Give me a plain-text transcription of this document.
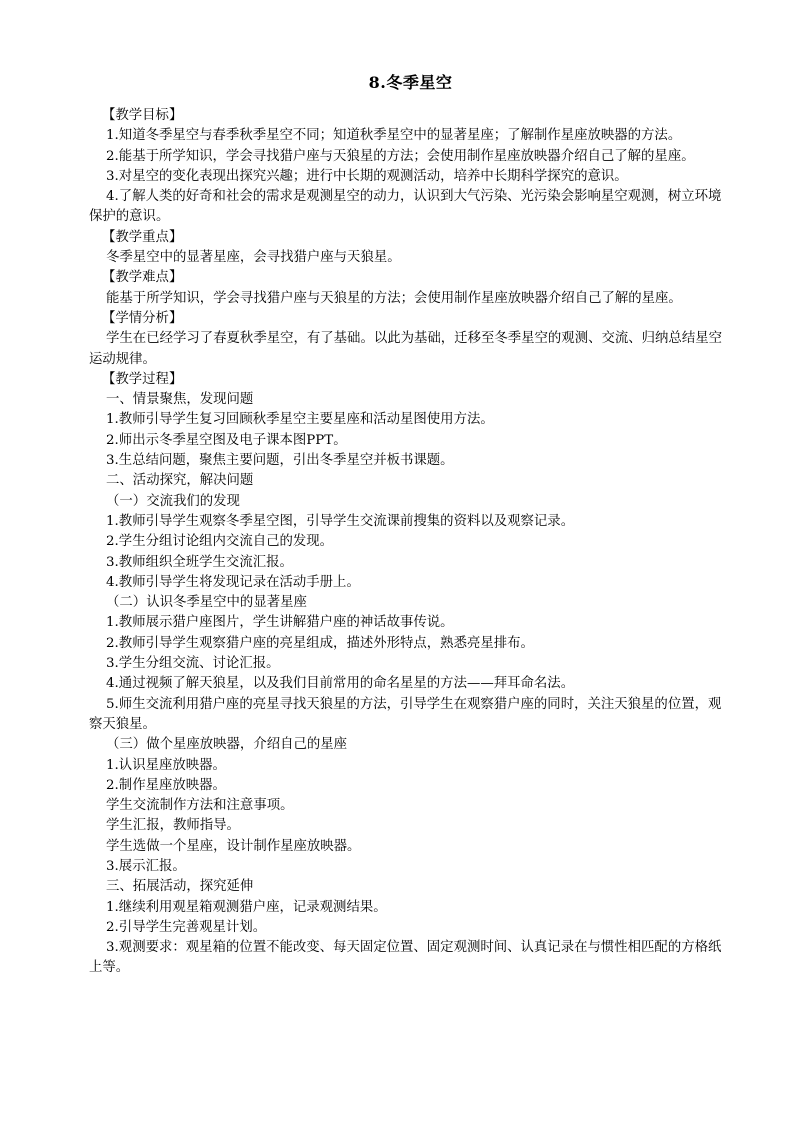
8.冬季星空

【教学目标】

1.知道冬季星空与春季秋季星空不同；知道秋季星空中的显著星座；了解制作星座放映器的方法。

2.能基于所学知识，学会寻找猎户座与天狼星的方法；会使用制作星座放映器介绍自己了解的星座。

3.对星空的变化表现出探究兴趣；进行中长期的观测活动，培养中长期科学探究的意识。

4.了解人类的好奇和社会的需求是观测星空的动力，认识到大气污染、光污染会影响星空观测，树立环境保护的意识。

【教学重点】

冬季星空中的显著星座，会寻找猎户座与天狼星。

【教学难点】

能基于所学知识，学会寻找猎户座与天狼星的方法；会使用制作星座放映器介绍自己了解的星座。

【学情分析】

学生在已经学习了春夏秋季星空，有了基础。以此为基础，迁移至冬季星空的观测、交流、归纳总结星空运动规律。

【教学过程】

一、情景聚焦，发现问题

1.教师引导学生复习回顾秋季星空主要星座和活动星图使用方法。

2.师出示冬季星空图及电子课本图PPT。

3.生总结问题，聚焦主要问题，引出冬季星空并板书课题。

二、活动探究，解决问题

（一）交流我们的发现

1.教师引导学生观察冬季星空图，引导学生交流课前搜集的资料以及观察记录。

2.学生分组讨论组内交流自己的发现。

3.教师组织全班学生交流汇报。

4.教师引导学生将发现记录在活动手册上。

（二）认识冬季星空中的显著星座

1.教师展示猎户座图片，学生讲解猎户座的神话故事传说。

2.教师引导学生观察猎户座的亮星组成，描述外形特点，熟悉亮星排布。

3.学生分组交流、讨论汇报。

4.通过视频了解天狼星，以及我们目前常用的命名星星的方法——拜耳命名法。

5.师生交流利用猎户座的亮星寻找天狼星的方法，引导学生在观察猎户座的同时，关注天狼星的位置，观察天狼星。

（三）做个星座放映器，介绍自己的星座

1.认识星座放映器。

2.制作星座放映器。

学生交流制作方法和注意事项。

学生汇报，教师指导。

学生选做一个星座，设计制作星座放映器。

3.展示汇报。

三、拓展活动，探究延伸

1.继续利用观星箱观测猎户座，记录观测结果。

2.引导学生完善观星计划。

3.观测要求：观星箱的位置不能改变、每天固定位置、固定观测时间、认真记录在与惯性相匹配的方格纸上等。
